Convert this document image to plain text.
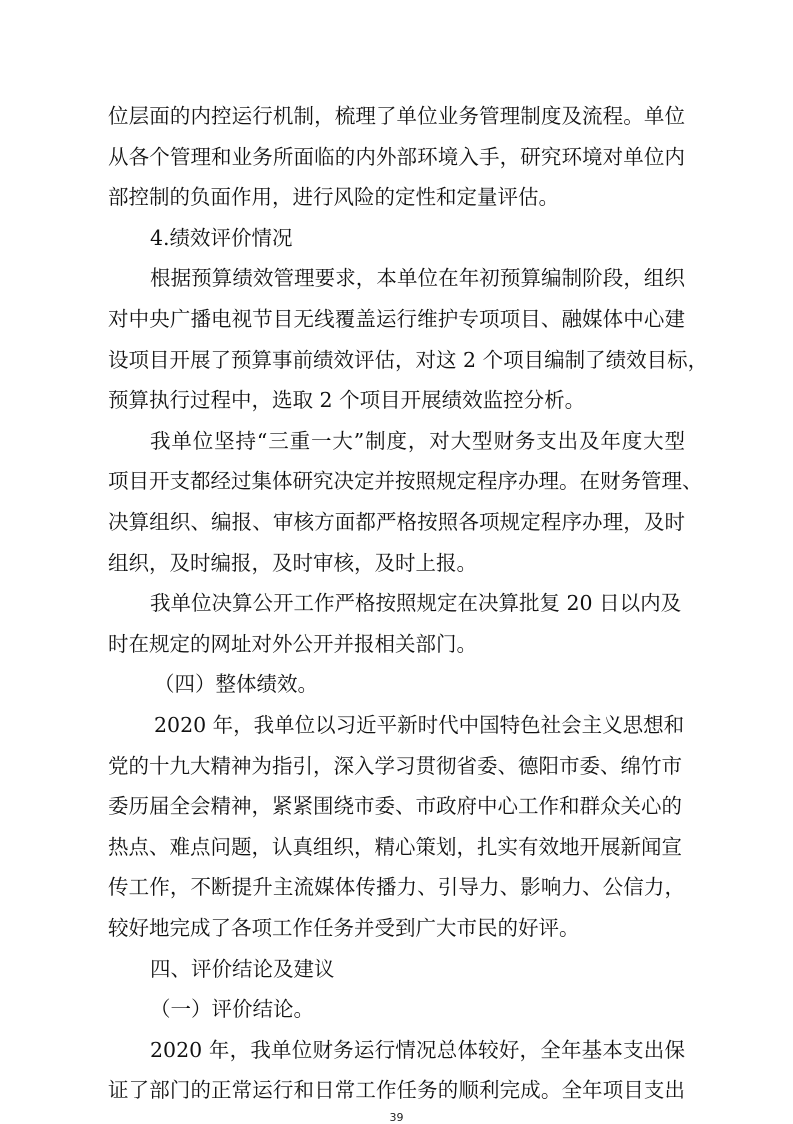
位层面的内控运行机制，梳理了单位业务管理制度及流程。单位
从各个管理和业务所面临的内外部环境入手，研究环境对单位内
部控制的负面作用，进行风险的定性和定量评估。
4.绩效评价情况
根据预算绩效管理要求，本单位在年初预算编制阶段，组织
对中央广播电视节目无线覆盖运行维护专项项目、融媒体中心建
设项目开展了预算事前绩效评估，对这 2 个项目编制了绩效目标，
预算执行过程中，选取 2 个项目开展绩效监控分析。
我单位坚持“三重一大”制度，对大型财务支出及年度大型
项目开支都经过集体研究决定并按照规定程序办理。在财务管理、
决算组织、编报、审核方面都严格按照各项规定程序办理，及时
组织，及时编报，及时审核，及时上报。
我单位决算公开工作严格按照规定在决算批复 20 日以内及
时在规定的网址对外公开并报相关部门。
（四）整体绩效。
2020 年，我单位以习近平新时代中国特色社会主义思想和
党的十九大精神为指引，深入学习贯彻省委、德阳市委、绵竹市
委历届全会精神，紧紧围绕市委、市政府中心工作和群众关心的
热点、难点问题，认真组织，精心策划，扎实有效地开展新闻宣
传工作，不断提升主流媒体传播力、引导力、影响力、公信力，
较好地完成了各项工作任务并受到广大市民的好评。
四、评价结论及建议
39
（一）评价结论。
2020 年，我单位财务运行情况总体较好，全年基本支出保
证了部门的正常运行和日常工作任务的顺利完成。全年项目支出
